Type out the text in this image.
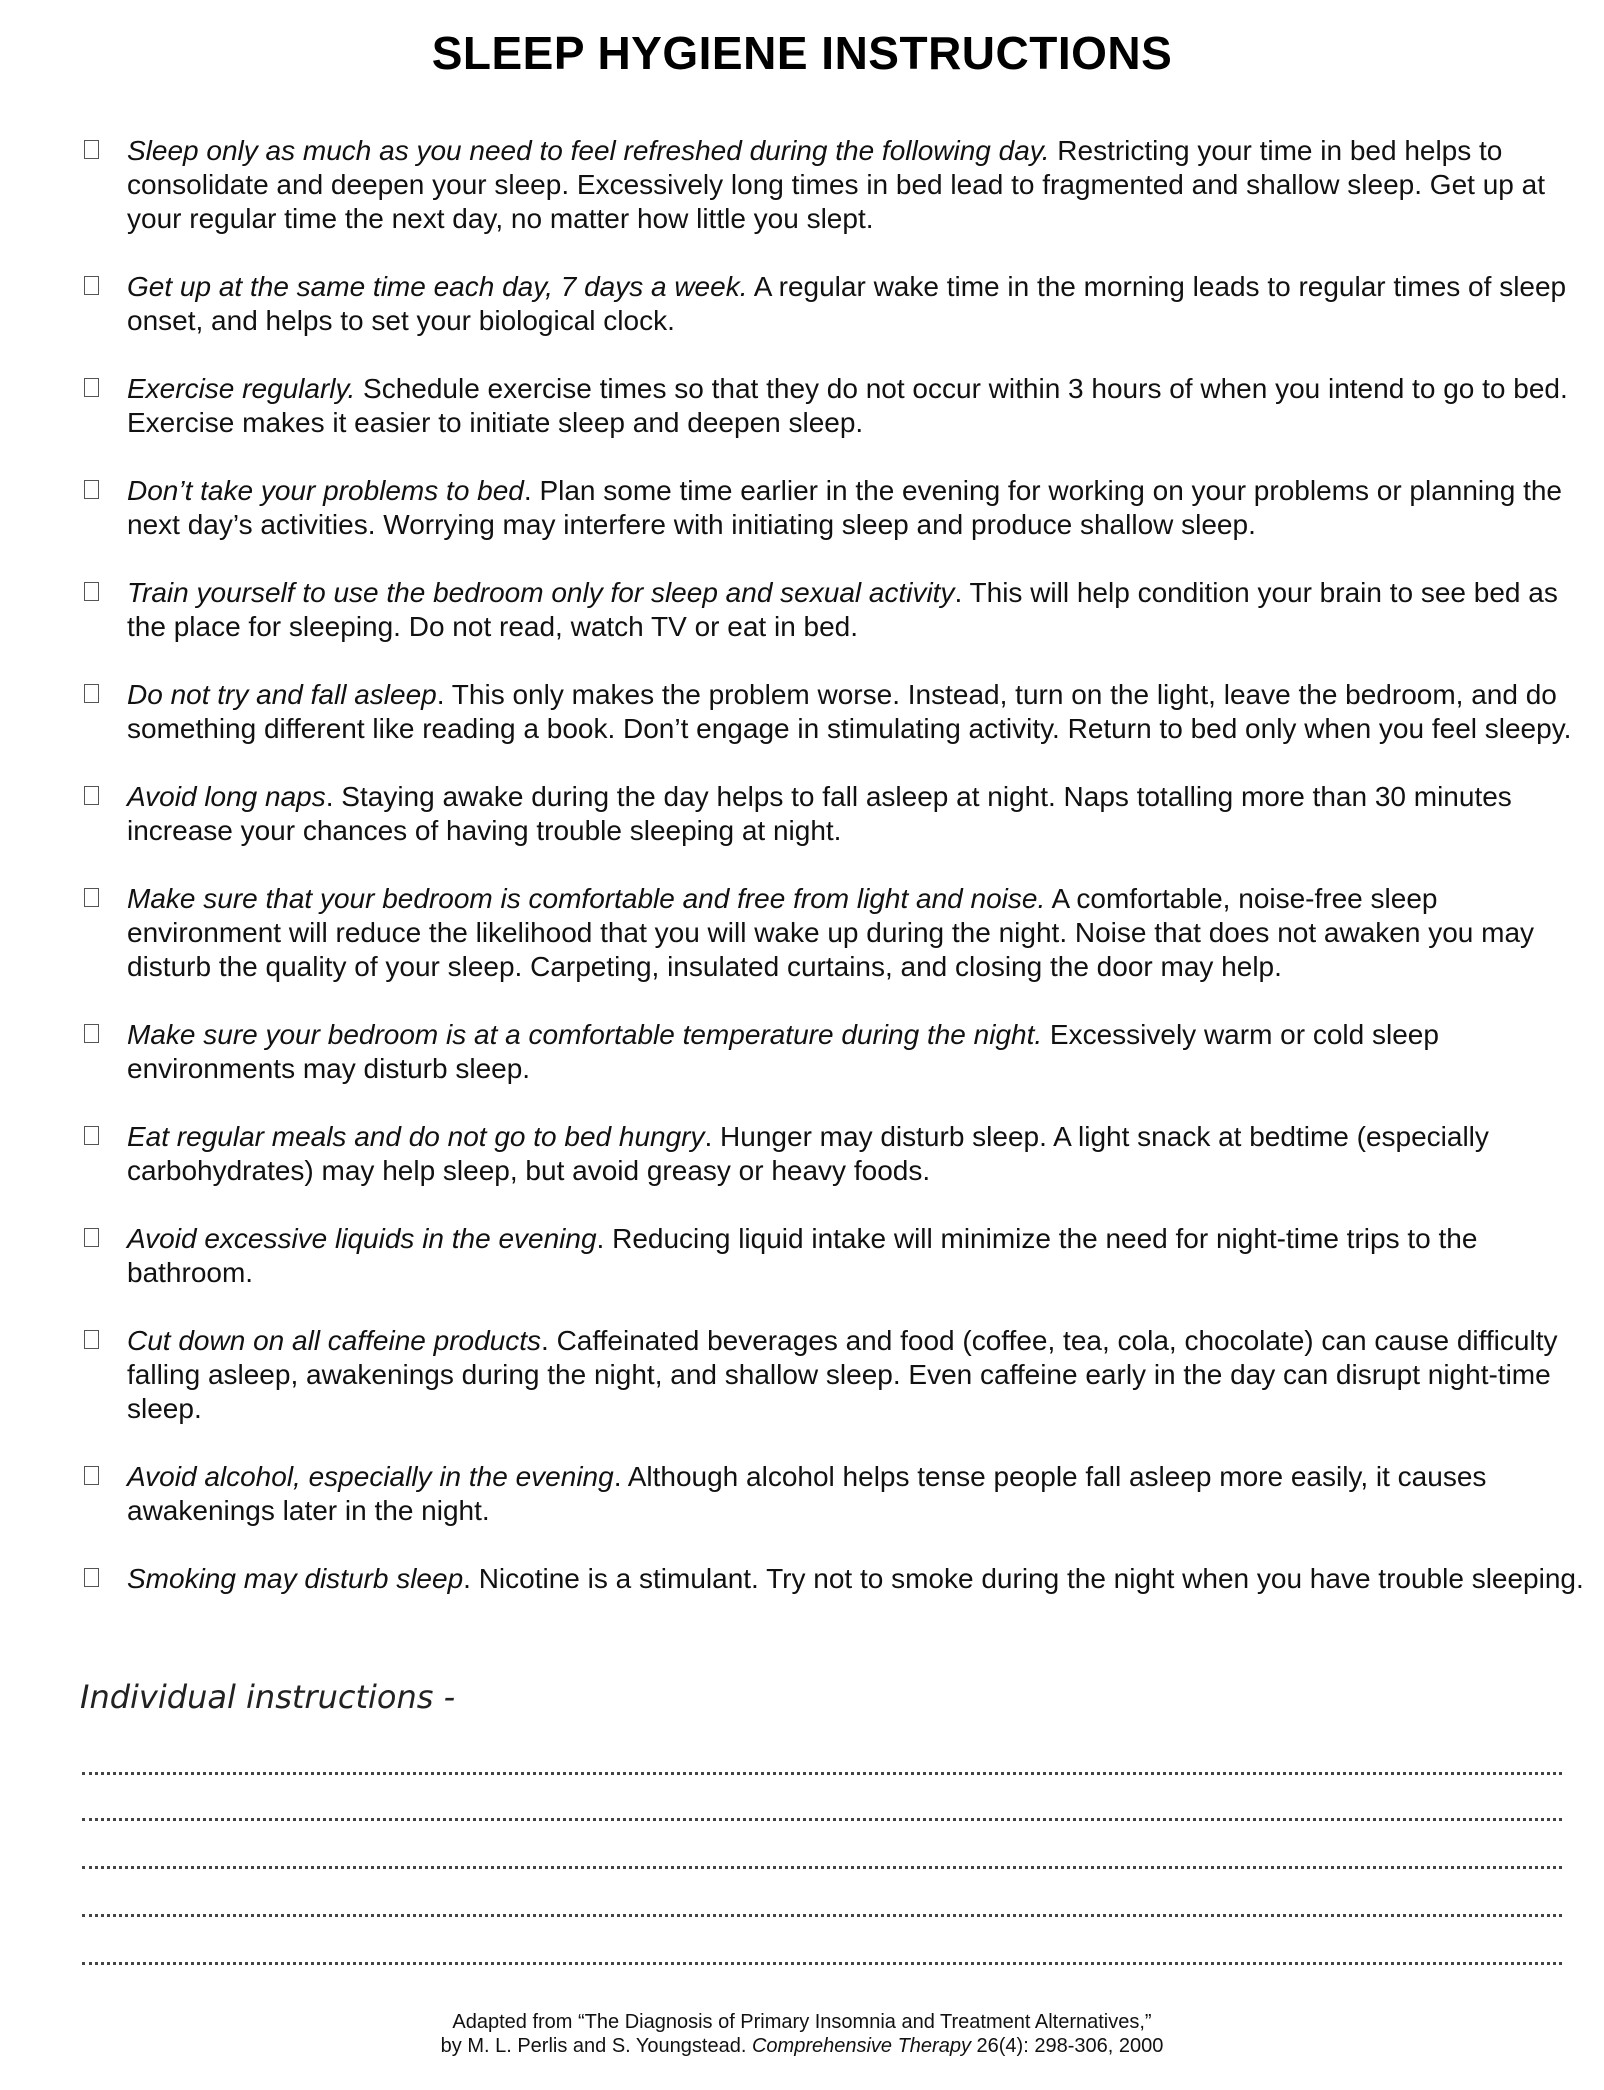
SLEEP HYGIENE INSTRUCTIONS
Sleep only as much as you need to feel refreshed during the following day. Restricting your time in bed helps to consolidate and deepen your sleep. Excessively long times in bed lead to fragmented and shallow sleep. Get up at your regular time the next day, no matter how little you slept.
Get up at the same time each day, 7 days a week. A regular wake time in the morning leads to regular times of sleep onset, and helps to set your biological clock.
Exercise regularly. Schedule exercise times so that they do not occur within 3 hours of when you intend to go to bed. Exercise makes it easier to initiate sleep and deepen sleep.
Don’t take your problems to bed. Plan some time earlier in the evening for working on your problems or planning the next day’s activities. Worrying may interfere with initiating sleep and produce shallow sleep.
Train yourself to use the bedroom only for sleep and sexual activity. This will help condition your brain to see bed as the place for sleeping. Do not read, watch TV or eat in bed.
Do not try and fall asleep. This only makes the problem worse. Instead, turn on the light, leave the bedroom, and do something different like reading a book. Don’t engage in stimulating activity. Return to bed only when you feel sleepy.
Avoid long naps. Staying awake during the day helps to fall asleep at night. Naps totalling more than 30 minutes increase your chances of having trouble sleeping at night.
Make sure that your bedroom is comfortable and free from light and noise. A comfortable, noise-free sleep environment will reduce the likelihood that you will wake up during the night. Noise that does not awaken you may disturb the quality of your sleep. Carpeting, insulated curtains, and closing the door may help.
Make sure your bedroom is at a comfortable temperature during the night. Excessively warm or cold sleep environments may disturb sleep.
Eat regular meals and do not go to bed hungry. Hunger may disturb sleep. A light snack at bedtime (especially carbohydrates) may help sleep, but avoid greasy or heavy foods.
Avoid excessive liquids in the evening. Reducing liquid intake will minimize the need for night-time trips to the bathroom.
Cut down on all caffeine products. Caffeinated beverages and food (coffee, tea, cola, chocolate) can cause difficulty falling asleep, awakenings during the night, and shallow sleep. Even caffeine early in the day can disrupt night-time sleep.
Avoid alcohol, especially in the evening. Although alcohol helps tense people fall asleep more easily, it causes awakenings later in the night.
Smoking may disturb sleep. Nicotine is a stimulant. Try not to smoke during the night when you have trouble sleeping.
Individual instructions -
Adapted from “The Diagnosis of Primary Insomnia and Treatment Alternatives,”
by M. L. Perlis and S. Youngstead. Comprehensive Therapy 26(4): 298-306, 2000
